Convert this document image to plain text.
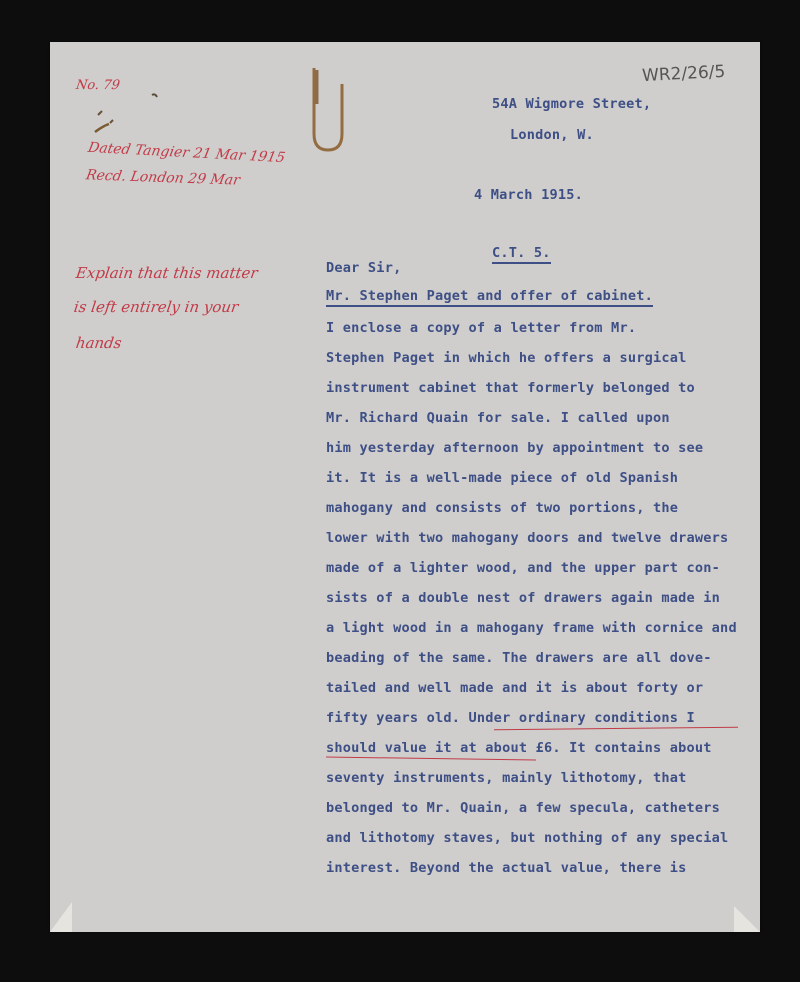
WR2/26/5
No. 79
Dated Tangier 21 Mar 1915
Recd. London 29 Mar
Explain that this matter
is left entirely in your
hands
54A Wigmore Street,
London, W.
4 March 1915.
C.T. 5.
Dear Sir,
Mr. Stephen Paget and offer of cabinet.
I enclose a copy of a letter from Mr.
Stephen Paget in which he offers a surgical
instrument cabinet that formerly belonged to
Mr. Richard Quain for sale. I called upon
him yesterday afternoon by appointment to see
it. It is a well-made piece of old Spanish
mahogany and consists of two portions, the
lower with two mahogany doors and twelve drawers
made of a lighter wood, and the upper part con-
sists of a double nest of drawers again made in
a light wood in a mahogany frame with cornice and
beading of the same. The drawers are all dove-
tailed and well made and it is about forty or
fifty years old. Under ordinary conditions I
should value it at about £6. It contains about
seventy instruments, mainly lithotomy, that
belonged to Mr. Quain, a few specula, catheters
and lithotomy staves, but nothing of any special
interest. Beyond the actual value, there is
